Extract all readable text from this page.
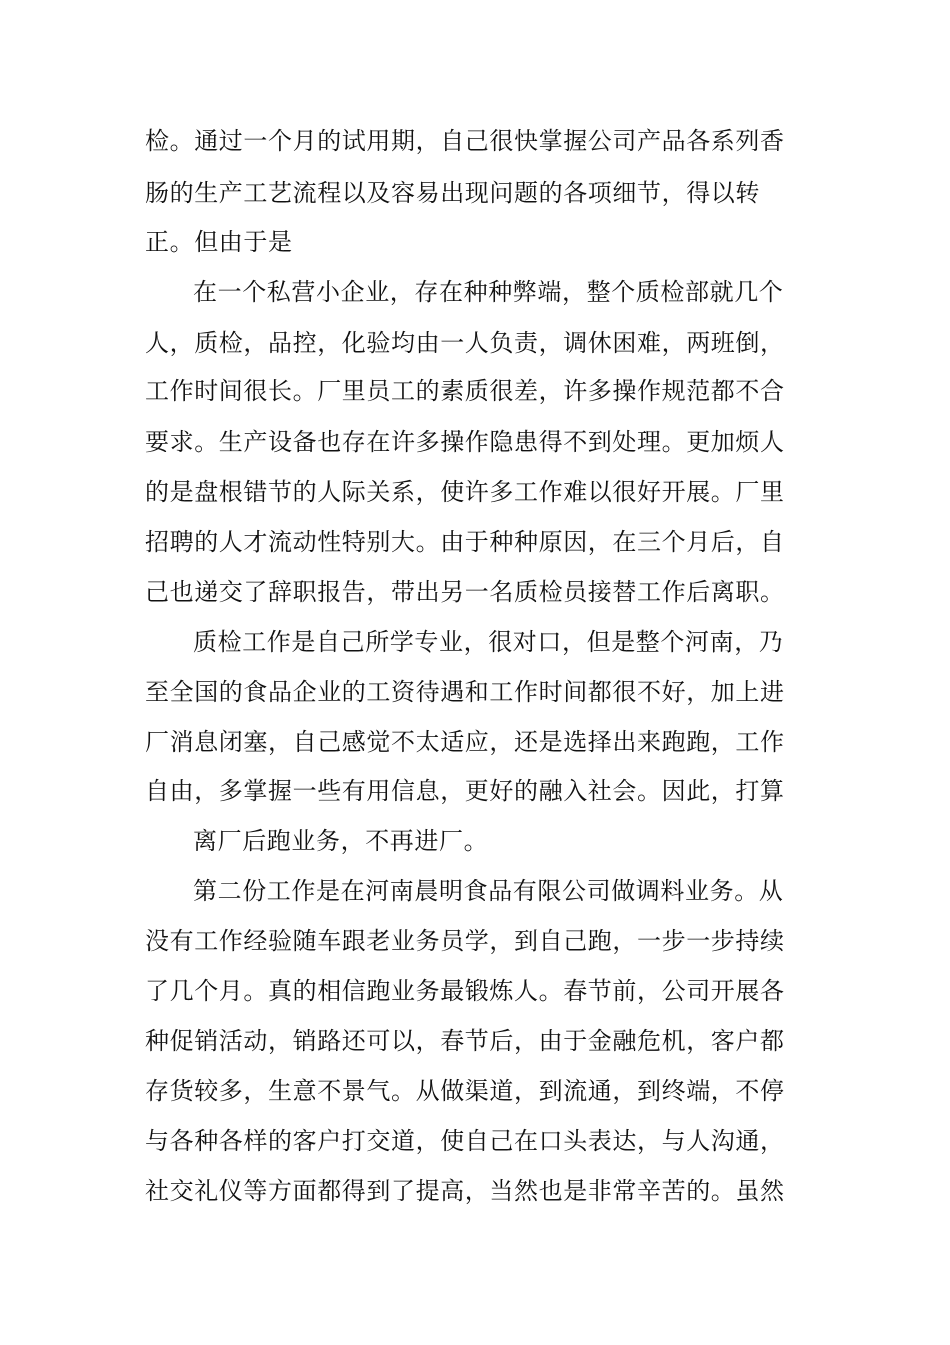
检。通过一个月的试用期，自己很快掌握公司产品各系列香

肠的生产工艺流程以及容易出现问题的各项细节，得以转

正。但由于是

在一个私营小企业，存在种种弊端，整个质检部就几个

人，质检，品控，化验均由一人负责，调休困难，两班倒，

工作时间很长。厂里员工的素质很差，许多操作规范都不合

要求。生产设备也存在许多操作隐患得不到处理。更加烦人

的是盘根错节的人际关系，使许多工作难以很好开展。厂里

招聘的人才流动性特别大。由于种种原因，在三个月后，自

己也递交了辞职报告，带出另一名质检员接替工作后离职。

质检工作是自己所学专业，很对口，但是整个河南，乃

至全国的食品企业的工资待遇和工作时间都很不好，加上进

厂消息闭塞，自己感觉不太适应，还是选择出来跑跑，工作

自由，多掌握一些有用信息，更好的融入社会。因此，打算

离厂后跑业务，不再进厂。

第二份工作是在河南晨明食品有限公司做调料业务。从

没有工作经验随车跟老业务员学，到自己跑，一步一步持续

了几个月。真的相信跑业务最锻炼人。春节前，公司开展各

种促销活动，销路还可以，春节后，由于金融危机，客户都

存货较多，生意不景气。从做渠道，到流通，到终端，不停

与各种各样的客户打交道，使自己在口头表达，与人沟通，

社交礼仪等方面都得到了提高，当然也是非常辛苦的。虽然
